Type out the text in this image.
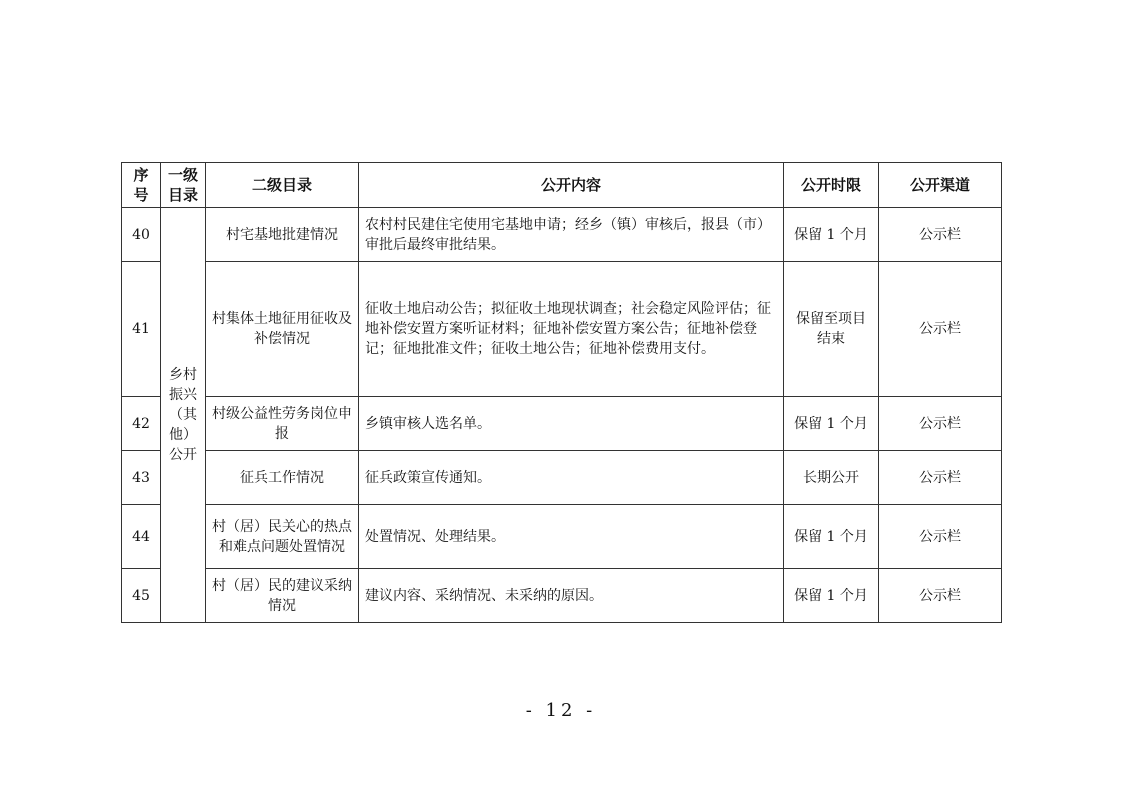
序号	一级目录	二级目录	公开内容	公开时限	公开渠道
40	乡村振兴（其他）公开	村宅基地批建情况	农村村民建住宅使用宅基地申请；经乡（镇）审核后，报县（市）审批后最终审批结果。	保留 1 个月	公示栏
41		村集体土地征用征收及补偿情况	征收土地启动公告；拟征收土地现状调查；社会稳定风险评估；征地补偿安置方案听证材料；征地补偿安置方案公告；征地补偿登记；征地批准文件；征收土地公告；征地补偿费用支付。	保留至项目结束	公示栏
42		村级公益性劳务岗位申报	乡镇审核人选名单。	保留 1 个月	公示栏
43		征兵工作情况	征兵政策宣传通知。	长期公开	公示栏
44		村（居）民关心的热点和难点问题处置情况	处置情况、处理结果。	保留 1 个月	公示栏
45		村（居）民的建议采纳情况	建议内容、采纳情况、未采纳的原因。	保留 1 个月	公示栏
- 12 -
